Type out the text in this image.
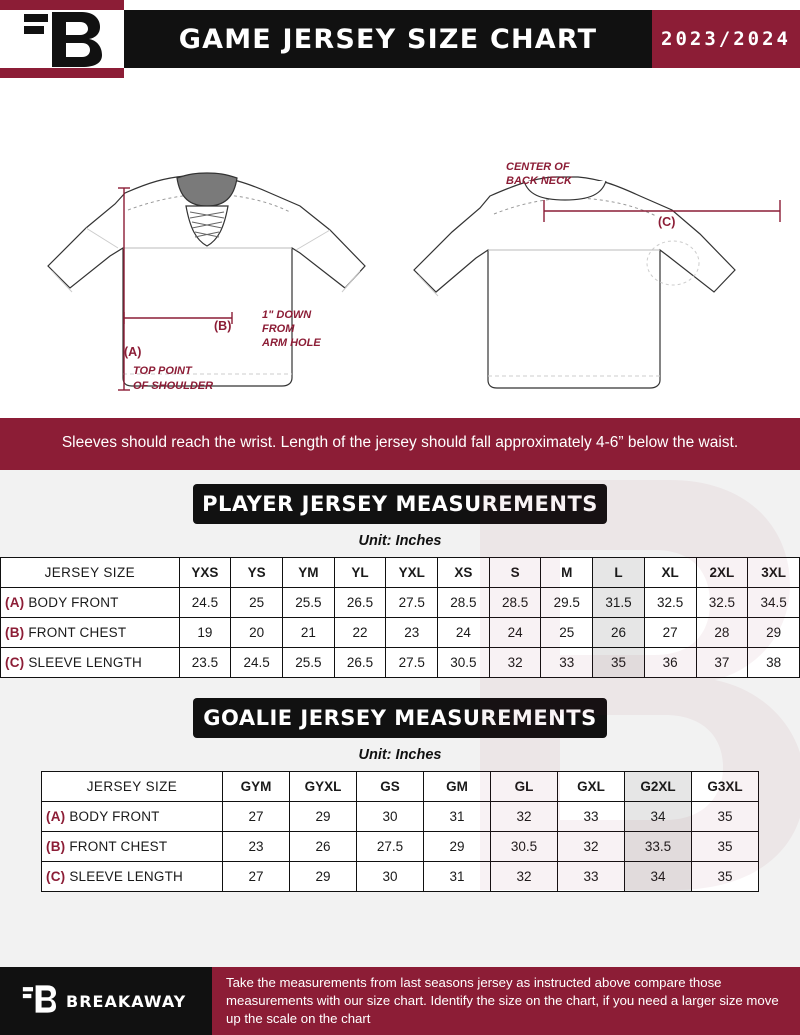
GAME JERSEY SIZE CHART	2023/2024
(A)
(B)
TOP POINT
OF SHOULDER
1" DOWN
FROM
ARM HOLE
CENTER OF
BACK NECK
(C)
Sleeves should reach the wrist. Length of the jersey should fall approximately 4-6” below the waist.
PLAYER JERSEY MEASUREMENTS
Unit: Inches
JERSEY SIZE	YXS	YS	YM	YL	YXL	XS	S	M	L	XL	2XL	3XL
(A) BODY FRONT	24.5	25	25.5	26.5	27.5	28.5	28.5	29.5	31.5	32.5	32.5	34.5
(B) FRONT CHEST	19	20	21	22	23	24	24	25	26	27	28	29
(C) SLEEVE LENGTH	23.5	24.5	25.5	26.5	27.5	30.5	32	33	35	36	37	38
GOALIE JERSEY MEASUREMENTS
Unit: Inches
JERSEY SIZE	GYM	GYXL	GS	GM	GL	GXL	G2XL	G3XL
(A) BODY FRONT	27	29	30	31	32	33	34	35
(B) FRONT CHEST	23	26	27.5	29	30.5	32	33.5	35
(C) SLEEVE LENGTH	27	29	30	31	32	33	34	35
BREAKAWAY
Take the measurements from last seasons jersey as instructed above compare those measurements with our size chart. Identify the size on the chart, if you need a larger size move up the scale on the chart
